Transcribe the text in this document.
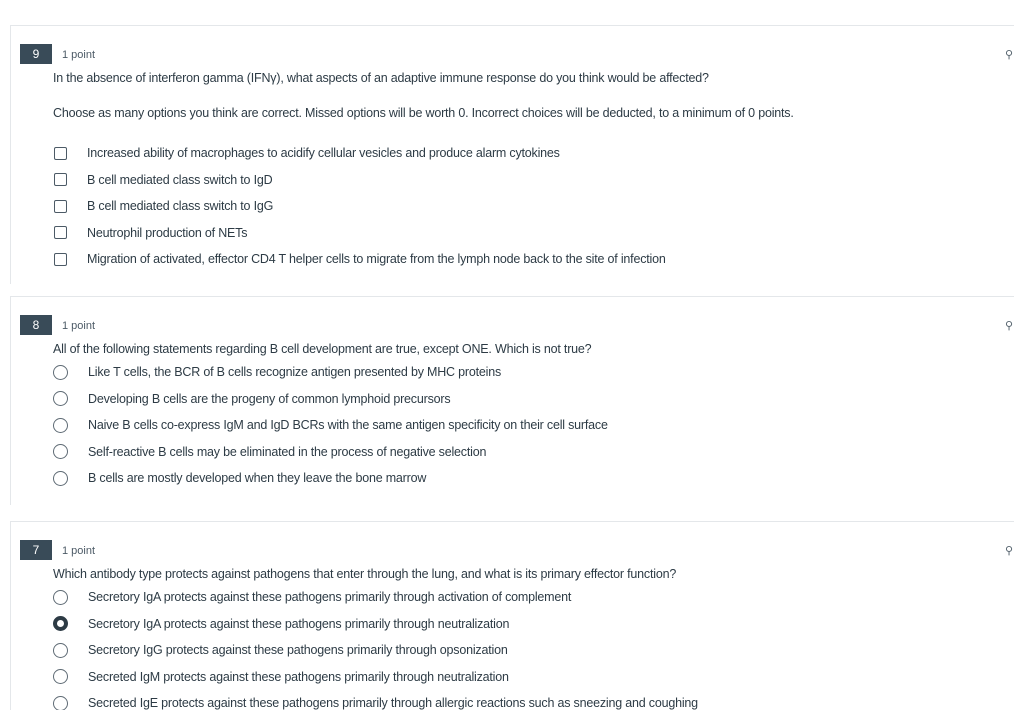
9	1 point	⚲
In the absence of interferon gamma (IFNγ), what aspects of an adaptive immune response do you think would be affected?
Choose as many options you think are correct. Missed options will be worth 0. Incorrect choices will be deducted, to a minimum of 0 points.
Increased ability of macrophages to acidify cellular vesicles and produce alarm cytokines
B cell mediated class switch to IgD
B cell mediated class switch to IgG
Neutrophil production of NETs
Migration of activated, effector CD4 T helper cells to migrate from the lymph node back to the site of infection
8	1 point	⚲
All of the following statements regarding B cell development are true, except ONE. Which is not true?
Like T cells, the BCR of B cells recognize antigen presented by MHC proteins
Developing B cells are the progeny of common lymphoid precursors
Naive B cells co-express IgM and IgD BCRs with the same antigen specificity on their cell surface
Self-reactive B cells may be eliminated in the process of negative selection
B cells are mostly developed when they leave the bone marrow
7	1 point	⚲
Which antibody type protects against pathogens that enter through the lung, and what is its primary effector function?
Secretory IgA protects against these pathogens primarily through activation of complement
Secretory IgA protects against these pathogens primarily through neutralization
Secretory IgG protects against these pathogens primarily through opsonization
Secreted IgM protects against these pathogens primarily through neutralization
Secreted IgE protects against these pathogens primarily through allergic reactions such as sneezing and coughing
